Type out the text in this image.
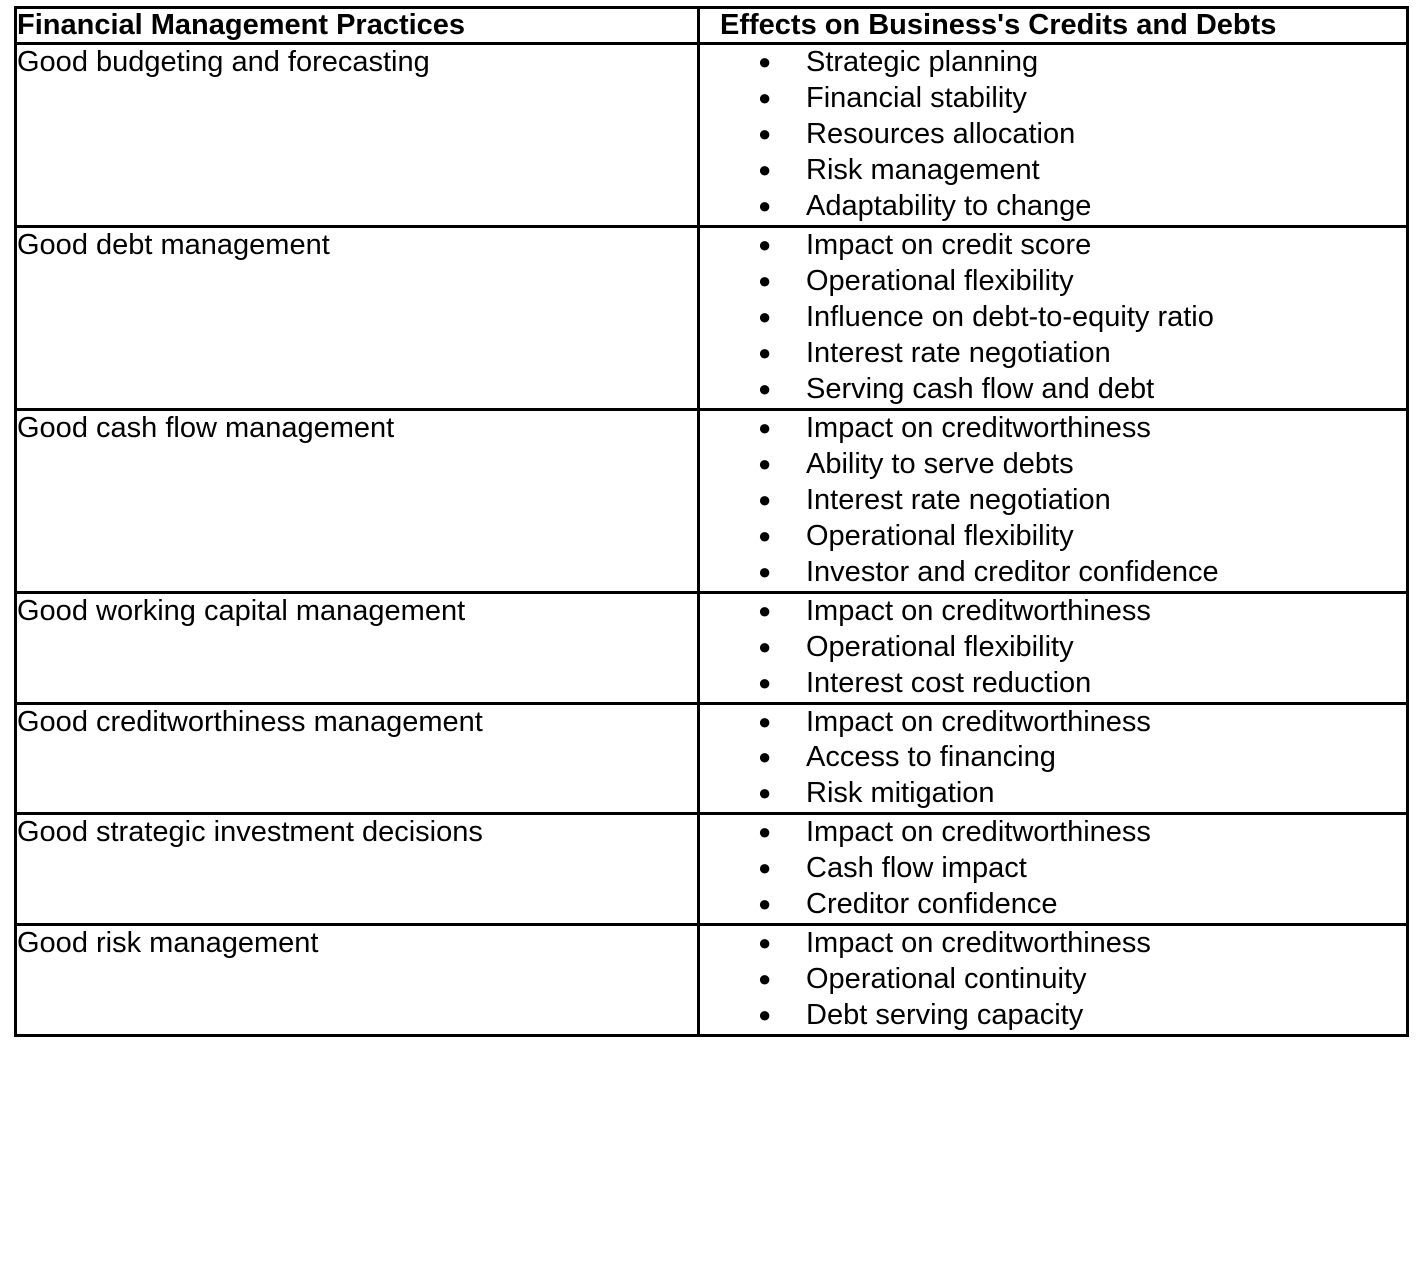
Financial Management Practices	Effects on Business's Credits and Debts
Good budgeting and forecasting	● Strategic planning
● Financial stability
● Resources allocation
● Risk management
● Adaptability to change

Good debt management	● Impact on credit score
● Operational flexibility
● Influence on debt-to-equity ratio
● Interest rate negotiation
● Serving cash flow and debt

Good cash flow management	● Impact on creditworthiness
● Ability to serve debts
● Interest rate negotiation
● Operational flexibility
● Investor and creditor confidence

Good working capital management	● Impact on creditworthiness
● Operational flexibility
● Interest cost reduction

Good creditworthiness management	● Impact on creditworthiness
● Access to financing
● Risk mitigation

Good strategic investment decisions	● Impact on creditworthiness
● Cash flow impact
● Creditor confidence

Good risk management	● Impact on creditworthiness
● Operational continuity
● Debt serving capacity
